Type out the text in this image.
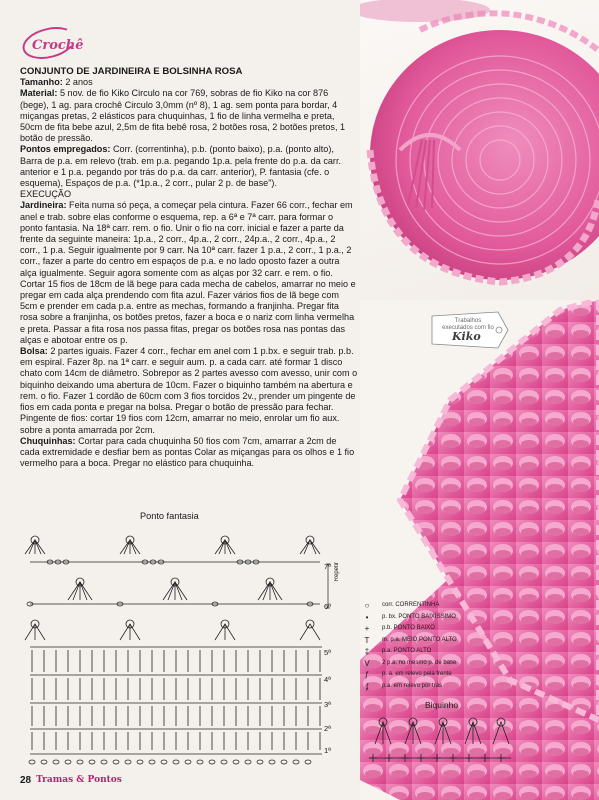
Crochê

CONJUNTO DE JARDINEIRA E BOLSINHA ROSA

Tamanho: 2 anos

Material: 5 nov. de fio Kiko Circulo na cor 769, sobras de fio Kiko na cor 876 (bege), 1 ag. para crochê Circulo 3,0mm (nº 8), 1 ag. sem ponta para bordar, 4 miçangas pretas, 2 elásticos para chuquinhas, 1 fio de linha vermelha e preta, 50cm de fita bebe azul, 2,5m de fita bebê rosa, 2 botões rosa, 2 botões pretos, 1 botão de pressão.

Pontos empregados: Corr. (correntinha), p.b. (ponto baixo), p.a. (ponto alto), Barra de p.a. em relevo (trab. em p.a. pegando 1p.a. pela frente do p.a. da carr. anterior e 1 p.a. pegando por trás do p.a. da carr. anterior), P. fantasia (cfe. o esquema), Espaços de p.a. (*1p.a., 2 corr., pular 2 p. de base").

EXECUÇÃO

Jardineira: Feita numa só peça, a começar pela cintura. Fazer 66 corr., fechar em anel e trab. sobre elas conforme o esquema, rep. a 6ª e 7ª carr. para formar o ponto fantasia. Na 18ª carr. rem. o fio. Unir o fio na corr. inicial e fazer a parte da frente da seguinte maneira: 1p.a., 2 corr., 4p.a., 2 corr., 24p.a., 2 corr., 4p.a., 2 corr., 1 p.a. Seguir igualmente por 9 carr. Na 10ª carr. fazer 1 p.a., 2 corr., 1 p.a., 2 corr., fazer a parte do centro em espaços de p.a. e no lado oposto fazer a outra alça igualmente. Seguir agora somente com as alças por 32 carr. e rem. o fio.

Cortar 15 fios de 18cm de lã bege para cada mecha de cabelos, amarrar no meio e pregar em cada alça prendendo com fita azul. Fazer vários fios de lã bege com 5cm e prender em cada p.a. entre as mechas, formando a franjinha. Pregar fita rosa sobre a franjinha, os botões pretos, fazer a boca e o nariz com linha vermelha e preta. Passar a fita rosa nos passa fitas, pregar os botões rosa nas pontas das alças e abotoar entre os p.

Bolsa: 2 partes iguais. Fazer 4 corr., fechar em anel com 1 p.bx. e seguir trab. p.b. em espiral. Fazer 8p. na 1ª carr. e seguir aum. p. a cada carr. até formar 1 disco chato com 14cm de diâmetro. Sobrepor as 2 partes avesso com avesso, unir com o biquinho deixando uma abertura de 10cm. Fazer o biquinho também na abertura e rem. o fio. Fazer 1 cordão de 60cm com 3 fios torcidos 2v., prender um pingente de fios em cada ponta e pregar na bolsa. Pregar o botão de pressão para fechar. Pingente de fios: cortar 19 fios com 12cm, amarrar no meio, enrolar um fio aux. sobre a ponta amarrada por 2cm.

Chuquinhas: Cortar para cada chuquinha 50 fios com 7cm, amarrar a 2cm de cada extremidade e desfiar bem as pontas Colar as miçangas para os olhos e 1 fio vermelho para a boca. Pregar no elástico para chuquinha.

Trabalhos executados com fio
Kiko
Ponto fantasia
7ª
6ª
5ª
4ª
3ª
2ª
1ª
Repetir
○	corr. CORRENTINHA
•	p. bx. PONTO BAIXÍSSIMO
+	p.b. PONTO BAIXO
T	m. p.a. MEIO PONTO ALTO
‡	p.a. PONTO ALTO
V	2 p.a. no mesmo p. de base
ƒ	p. a. em relevo pela frente
ʄ	p.a. em relevo por trás
Biquinho
28 Tramas & Pontos
